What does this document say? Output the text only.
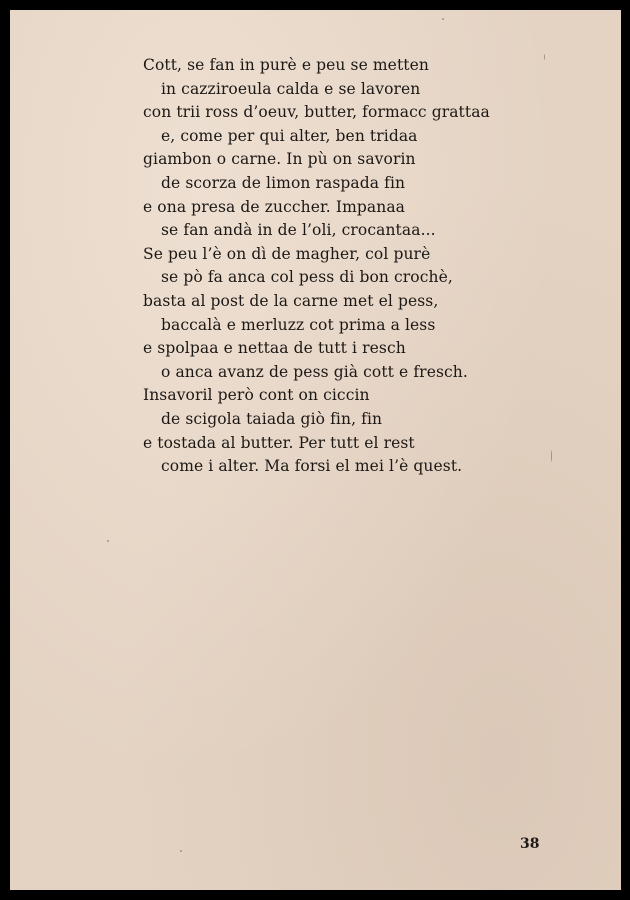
Cott, se fan in purè e peu se metten
in cazziroeula calda e se lavoren
con trii ross d’oeuv, butter, formacc grattaa
e, come per qui alter, ben tridaa
giambon o carne. In pù on savorin
de scorza de limon raspada fin
e ona presa de zuccher. Impanaa
se fan andà in de l’oli, crocantaa...
Se peu l’è on dì de magher, col purè
se pò fa anca col pess di bon crochè,
basta al post de la carne met el pess,
baccalà e merluzz cot prima a less
e spolpaa e nettaa de tutt i resch
o anca avanz de pess già cott e fresch.
Insavoril però cont on ciccin
de scigola taiada giò fin, fin
e tostada al butter. Per tutt el rest
come i alter. Ma forsi el mei l’è quest.
38
